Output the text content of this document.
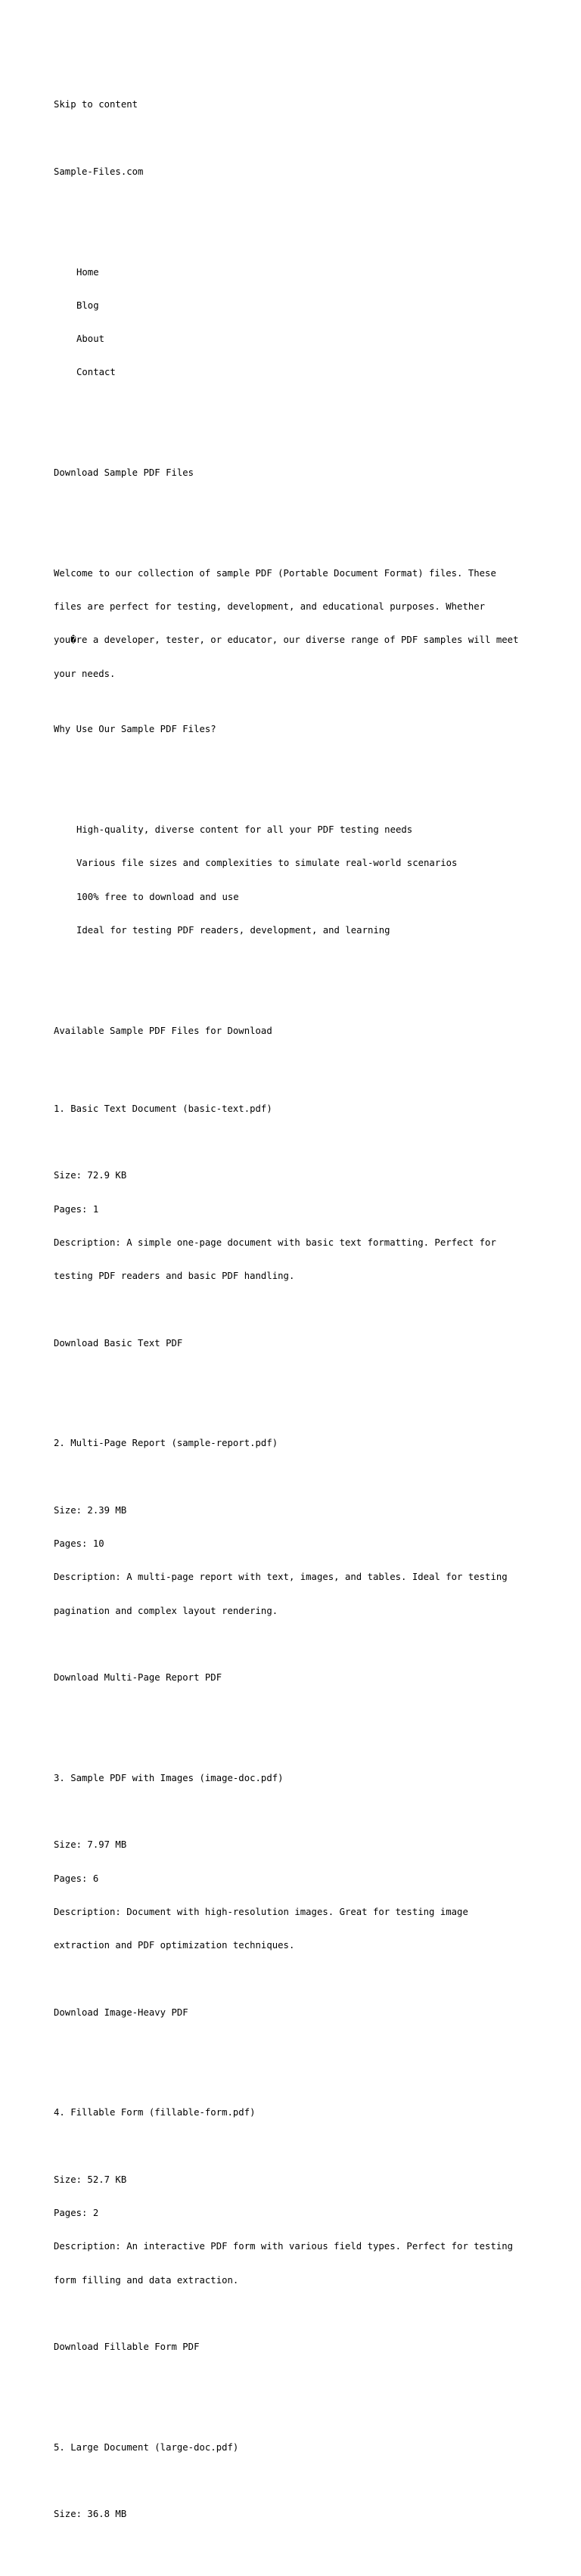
Skip to content

Sample-Files.com

Home

Blog

About

Contact

Download Sample PDF Files

Welcome to our collection of sample PDF (Portable Document Format) files. These

files are perfect for testing, development, and educational purposes. Whether

you�re a developer, tester, or educator, our diverse range of PDF samples will meet

your needs.

Why Use Our Sample PDF Files?

High-quality, diverse content for all your PDF testing needs

Various file sizes and complexities to simulate real-world scenarios

100% free to download and use

Ideal for testing PDF readers, development, and learning

Available Sample PDF Files for Download

1. Basic Text Document (basic-text.pdf)

Size: 72.9 KB

Pages: 1

Description: A simple one-page document with basic text formatting. Perfect for

testing PDF readers and basic PDF handling.

Download Basic Text PDF

2. Multi-Page Report (sample-report.pdf)

Size: 2.39 MB

Pages: 10

Description: A multi-page report with text, images, and tables. Ideal for testing

pagination and complex layout rendering.

Download Multi-Page Report PDF

3. Sample PDF with Images (image-doc.pdf)

Size: 7.97 MB

Pages: 6

Description: Document with high-resolution images. Great for testing image

extraction and PDF optimization techniques.

Download Image-Heavy PDF

4. Fillable Form (fillable-form.pdf)

Size: 52.7 KB

Pages: 2

Description: An interactive PDF form with various field types. Perfect for testing

form filling and data extraction.

Download Fillable Form PDF

5. Large Document (large-doc.pdf)

Size: 36.8 MB
